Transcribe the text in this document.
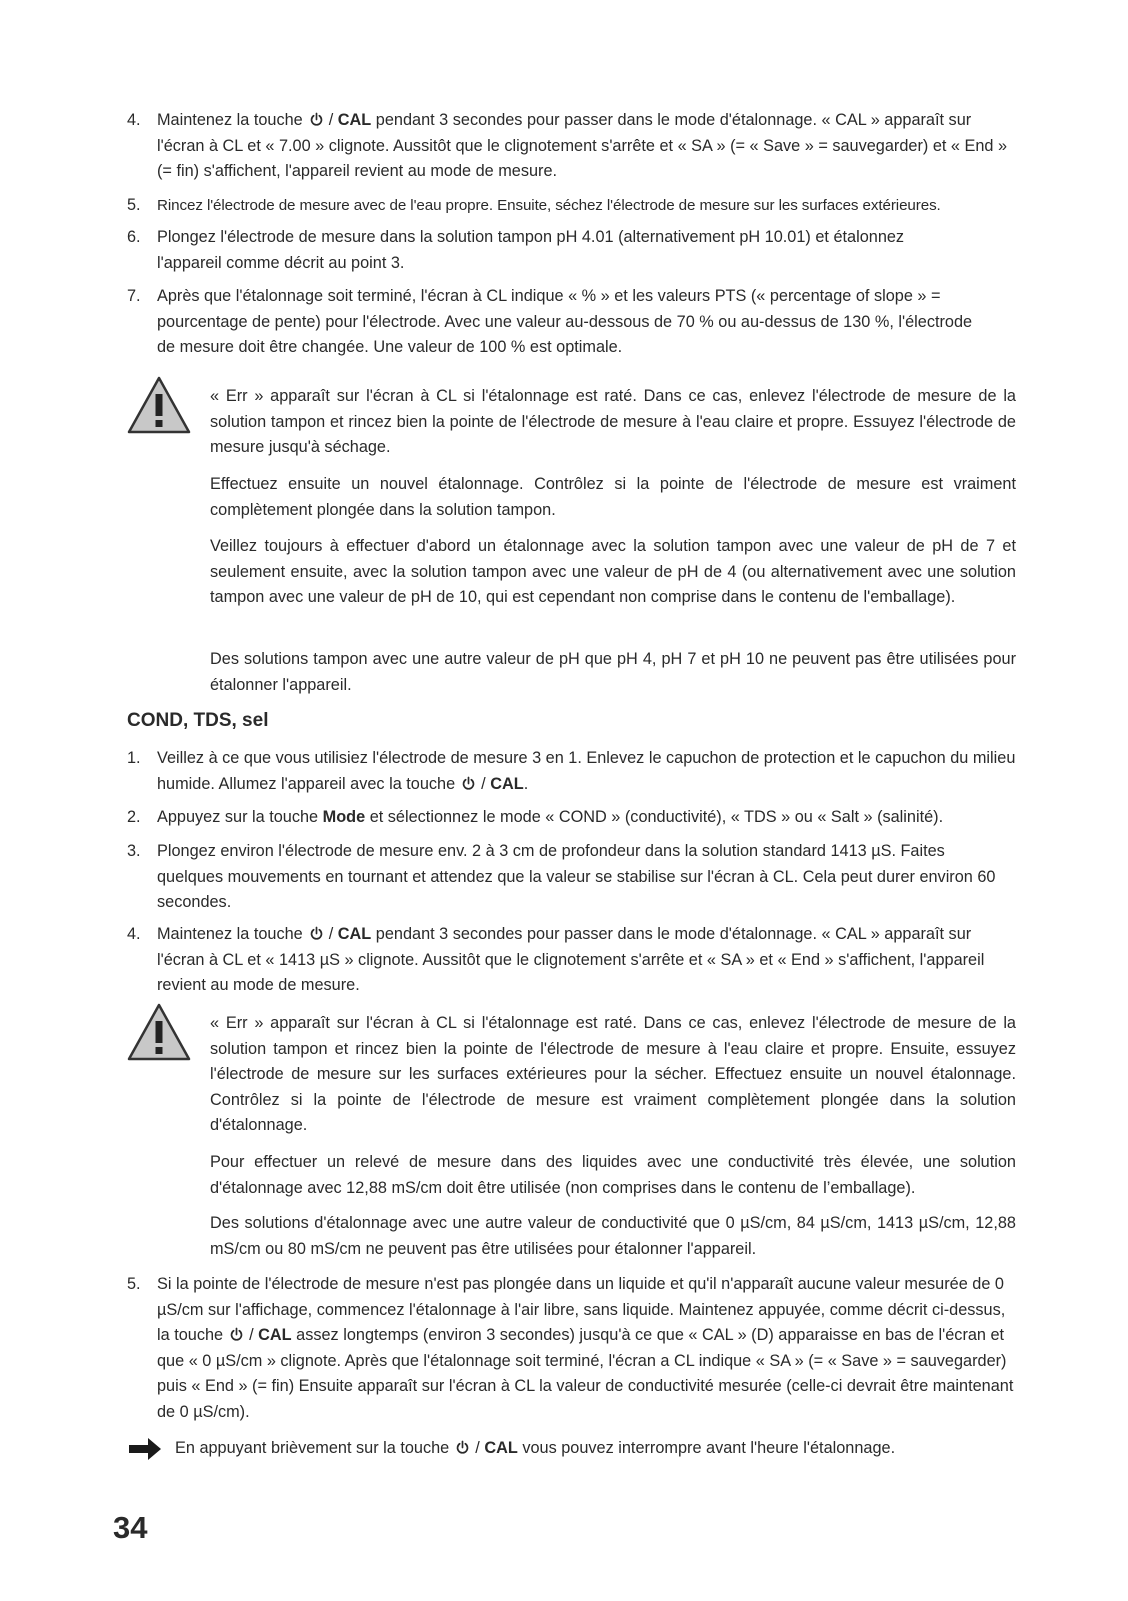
4. Maintenez la touche / CAL pendant 3 secondes pour passer dans le mode d'étalonnage. « CAL » apparaît sur l'écran à CL et « 7.00 » clignote. Aussitôt que le clignotement s'arrête et « SA » (= « Save » = sauvegarder) et « End » (= fin) s'affichent, l'appareil revient au mode de mesure.
5. Rincez l'électrode de mesure avec de l'eau propre. Ensuite, séchez l'électrode de mesure sur les surfaces extérieures.
6. Plongez l'électrode de mesure dans la solution tampon pH 4.01 (alternativement pH 10.01) et étalonnez l'appareil comme décrit au point 3.
7. Après que l'étalonnage soit terminé, l'écran à CL indique « % » et les valeurs PTS (« percentage of slope » = pourcentage de pente) pour l'électrode. Avec une valeur au-dessous de 70 % ou au-dessus de 130 %, l'électrode de mesure doit être changée. Une valeur de 100 % est optimale.
« Err » apparaît sur l'écran à CL si l'étalonnage est raté. Dans ce cas, enlevez l'électrode de mesure de la solution tampon et rincez bien la pointe de l'électrode de mesure à l'eau claire et propre. Essuyez l'électrode de mesure jusqu'à séchage.
Effectuez ensuite un nouvel étalonnage. Contrôlez si la pointe de l'électrode de mesure est vraiment complètement plongée dans la solution tampon.
Veillez toujours à effectuer d'abord un étalonnage avec la solution tampon avec une valeur de pH de 7 et seulement ensuite, avec la solution tampon avec une valeur de pH de 4 (ou alternativement avec une solution tampon avec une valeur de pH de 10, qui est cependant non comprise dans le contenu de l'emballage).
Des solutions tampon avec une autre valeur de pH que pH 4, pH 7 et pH 10 ne peuvent pas être utilisées pour étalonner l'appareil.
COND, TDS, sel
1. Veillez à ce que vous utilisiez l'électrode de mesure 3 en 1. Enlevez le capuchon de protection et le capuchon du milieu humide. Allumez l'appareil avec la touche / CAL.
2. Appuyez sur la touche Mode et sélectionnez le mode « COND » (conductivité), « TDS » ou « Salt » (salinité).
3. Plongez environ l'électrode de mesure env. 2 à 3 cm de profondeur dans la solution standard 1413 µS. Faites quelques mouvements en tournant et attendez que la valeur se stabilise sur l'écran à CL. Cela peut durer environ 60 secondes.
4. Maintenez la touche / CAL pendant 3 secondes pour passer dans le mode d'étalonnage. « CAL » apparaît sur l'écran à CL et « 1413 µS » clignote. Aussitôt que le clignotement s'arrête et « SA » et « End » s'affichent, l'appareil revient au mode de mesure.
« Err » apparaît sur l'écran à CL si l'étalonnage est raté. Dans ce cas, enlevez l'électrode de mesure de la solution tampon et rincez bien la pointe de l'électrode de mesure à l'eau claire et propre. Ensuite, essuyez l'électrode de mesure sur les surfaces extérieures pour la sécher. Effectuez ensuite un nouvel étalonnage. Contrôlez si la pointe de l'électrode de mesure est vraiment complètement plongée dans la solution d'étalonnage.
Pour effectuer un relevé de mesure dans des liquides avec une conductivité très élevée, une solution d'étalonnage avec 12,88 mS/cm doit être utilisée (non comprises dans le contenu de l’emballage).
Des solutions d'étalonnage avec une autre valeur de conductivité que 0 µS/cm, 84 µS/cm, 1413 µS/cm, 12,88 mS/cm ou 80 mS/cm ne peuvent pas être utilisées pour étalonner l'appareil.
5. Si la pointe de l'électrode de mesure n'est pas plongée dans un liquide et qu'il n'apparaît aucune valeur mesurée de 0 µS/cm sur l'affichage, commencez l'étalonnage à l'air libre, sans liquide. Maintenez appuyée, comme décrit ci-dessus, la touche / CAL assez longtemps (environ 3 secondes) jusqu'à ce que « CAL » (D) apparaisse en bas de l'écran et que « 0 µS/cm » clignote. Après que l'étalonnage soit terminé, l'écran a CL indique « SA » (= « Save » = sauvegarder) puis « End » (= fin) Ensuite apparaît sur l'écran à CL la valeur de conductivité mesurée (celle-ci devrait être maintenant de 0 µS/cm).
En appuyant brièvement sur la touche / CAL vous pouvez interrompre avant l'heure l'étalonnage.
34
